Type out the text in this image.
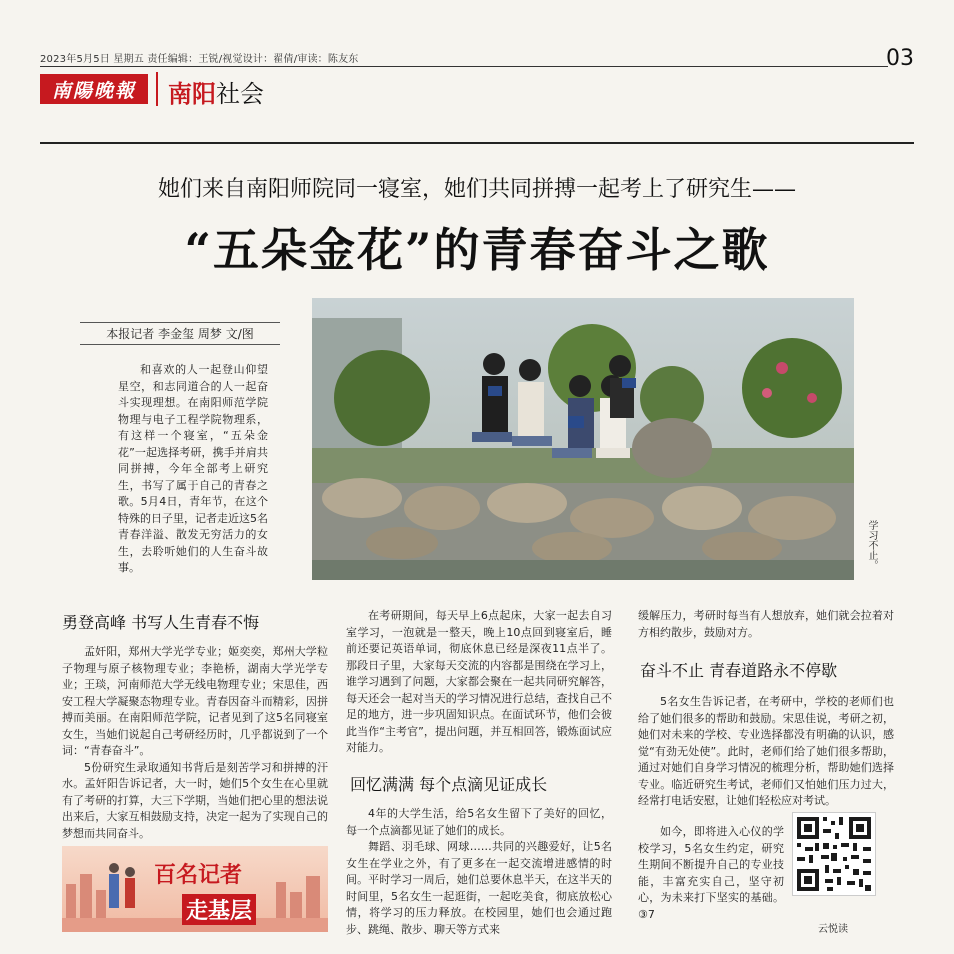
2023年5月5日 星期五 责任编辑：王锐/视觉设计：翟倩/审读：陈友东	03
南陽晚報	南阳社会
她们来自南阳师院同一寝室，她们共同拼搏一起考上了研究生——
“五朵金花”的青春奋斗之歌
本报记者 李金玺 周梦 文/图
和喜欢的人一起登山仰望星空，和志同道合的人一起奋斗实现理想。在南阳师范学院物理与电子工程学院物理系，有这样一个寝室，“五朵金花”一起选择考研，携手并肩共同拼搏，今年全部考上研究生，书写了属于自己的青春之歌。5月4日，青年节，在这个特殊的日子里，记者走近这5名青春洋溢、散发无穷活力的女生，去聆听她们的人生奋斗故事。	学习不止。
勇登高峰 书写人生青春不悔

孟奸阳，郑州大学光学专业；姬奕奕，郑州大学粒子物理与原子核物理专业；李艳桥，湖南大学光学专业；王琰，河南师范大学无线电物理专业；宋思佳，西安工程大学凝聚态物理专业。青春因奋斗而精彩，因拼搏而美丽。在南阳师范学院，记者见到了这5名同寝室女生，当她们说起自己考研经历时，几乎都说到了一个词：“青春奋斗”。

5份研究生录取通知书背后是刻苦学习和拼搏的汗水。孟奸阳告诉记者，大一时，她们5个女生在心里就有了考研的打算，大三下学期，当她们把心里的想法说出来后，大家互相鼓励支持，决定一起为了实现自己的梦想而共同奋斗。

百名记者
走基层

在考研期间，每天早上6点起床，大家一起去自习室学习，一泡就是一整天，晚上10点回到寝室后，睡前还要记英语单词，彻底休息已经是深夜11点半了。那段日子里，大家每天交流的内容都是围绕在学习上，谁学习遇到了问题，大家都会聚在一起共同研究解答，每天还会一起对当天的学习情况进行总结，查找自己不足的地方，进一步巩固知识点。在面试环节，他们会彼此当作“主考官”，提出问题，并互相回答，锻炼面试应对能力。

回忆满满 每个点滴见证成长

4年的大学生活，给5名女生留下了美好的回忆，每一个点滴都见证了她们的成长。

舞蹈、羽毛球、网球……共同的兴趣爱好，让5名女生在学业之外，有了更多在一起交流增进感情的时间。平时学习一周后，她们总要休息半天，在这半天的时间里，5名女生一起逛街，一起吃美食，彻底放松心情，将学习的压力释放。在校园里，她们也会通过跑步、跳绳、散步、聊天等方式来

缓解压力，考研时每当有人想放弃，她们就会拉着对方相约散步，鼓励对方。

奋斗不止 青春道路永不停歇

5名女生告诉记者，在考研中，学校的老师们也给了她们很多的帮助和鼓励。宋思佳说，考研之初，她们对未来的学校、专业选择都没有明确的认识，感觉“有劲无处使”。此时，老师们给了她们很多帮助，通过对她们自身学习情况的梳理分析，帮助她们选择专业。临近研究生考试，老师们又怕她们压力过大，经常打电话安慰，让她们轻松应对考试。

如今，即将进入心仪的学校学习，5名女生约定，研究生期间不断提升自己的专业技能，丰富充实自己，坚守初心，为未来打下坚实的基础。③7

云悦读
